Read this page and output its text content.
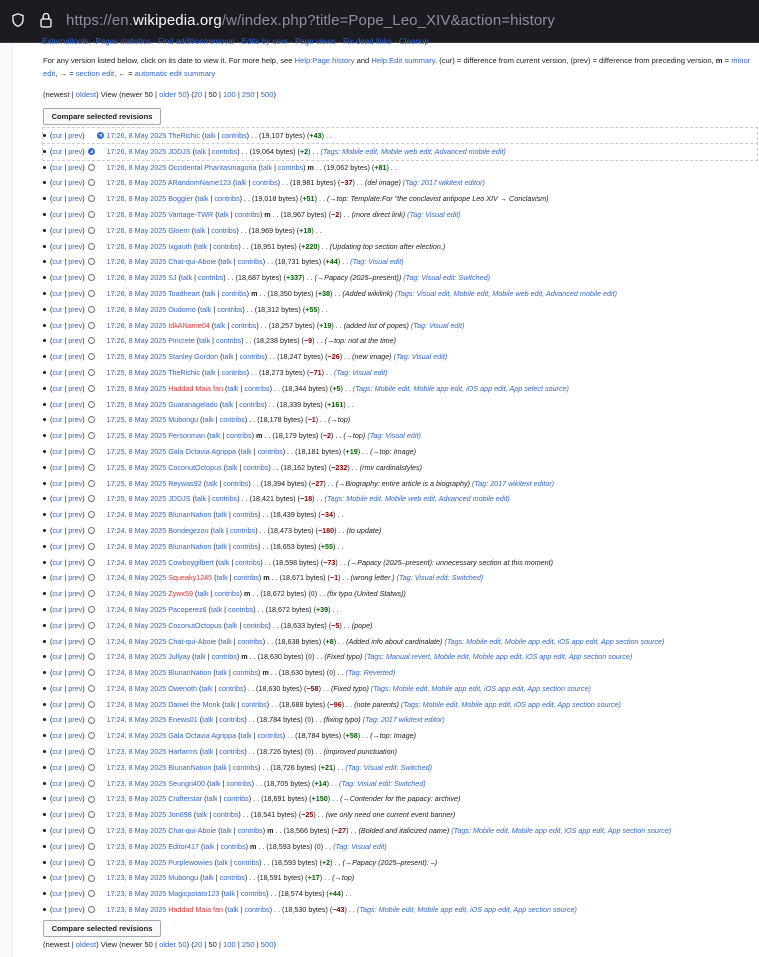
https://en.wikipedia.org/w/index.php?title=Pope_Leo_XIV&action=history
Externaltools: ·Pages statistics · Find addition/removal · Edits by user · Page views · Fix dead links · Cleanup
For any version listed below, click on its date to view it. For more help, see Help:Page history and Help:Edit summary. (cur) = difference from current version, (prev) = difference from preceding version, m = minor edit, → = section edit, ← = automatic edit summary
(newest | oldest) View (newer 50 | older 50) (20 | 50 | 100 | 250 | 500)
Compare selected revisions
(cur | prev)	17:26, 8 May 2025 TheRichic (talk | contribs) . . (19,107 bytes) (+43) . .
(cur | prev)	17:26, 8 May 2025 JDDJS (talk | contribs) . . (19,064 bytes) (+2) . . (Tags: Mobile edit, Mobile web edit, Advanced mobile edit)
(cur | prev)	17:26, 8 May 2025 Occidental Phantasmagoria (talk | contribs) m . . (19,062 bytes) (+81) . .
(cur | prev)	17:26, 8 May 2025 ARandomName123 (talk | contribs) . . (18,981 bytes) (−37) . . (del image) (Tag: 2017 wikitext editor)
(cur | prev)	17:26, 8 May 2025 Boggier (talk | contribs) . . (19,018 bytes) (+51) . . (→top: Template:For "the conclavist antipope Leo XIV → Conclavism)
(cur | prev)	17:26, 8 May 2025 Vantage-TWR (talk | contribs) m . . (18,967 bytes) (−2) . . (more direct link) (Tag: Visual edit)
(cur | prev)	17:26, 8 May 2025 Gloern (talk | contribs) . . (18,969 bytes) (+18) . .
(cur | prev)	17:26, 8 May 2025 Ixgauth (talk | contribs) . . (18,951 bytes) (+220) . . (Updating top section after election.)
(cur | prev)	17:26, 8 May 2025 Chat-qui-Aboie (talk | contribs) . . (18,731 bytes) (+44) . . (Tag: Visual edit)
(cur | prev)	17:26, 8 May 2025 SJ (talk | contribs) . . (18,687 bytes) (+337) . . (→Papacy (2025–present)) (Tag: Visual edit: Switched)
(cur | prev)	17:26, 8 May 2025 Toadheart (talk | contribs) m . . (18,350 bytes) (+38) . . (Added wikilink) (Tags: Visual edit, Mobile edit, Mobile web edit, Advanced mobile edit)
(cur | prev)	17:26, 8 May 2025 Oudomo (talk | contribs) . . (18,312 bytes) (+55) . .
(cur | prev)	17:26, 8 May 2025 IdkAName04 (talk | contribs) . . (18,257 bytes) (+19) . . (added list of popes) (Tag: Visual edit)
(cur | prev)	17:26, 8 May 2025 Pincrete (talk | contribs) . . (18,238 bytes) (−9) . . (→top: not at the time)
(cur | prev)	17:25, 8 May 2025 Stanley Gordon (talk | contribs) . . (18,247 bytes) (−26) . . (new image) (Tag: Visual edit)
(cur | prev)	17:25, 8 May 2025 TheRichic (talk | contribs) . . (18,273 bytes) (−71) . . (Tag: Visual edit)
(cur | prev)	17:25, 8 May 2025 Haddad Maia fan (talk | contribs) . . (18,344 bytes) (+5) . . (Tags: Mobile edit, Mobile app edit, iOS app edit, App select source)
(cur | prev)	17:25, 8 May 2025 Guaranagelado (talk | contribs) . . (18,339 bytes) (+161) . .
(cur | prev)	17:25, 8 May 2025 Mubongu (talk | contribs) . . (18,178 bytes) (−1) . . (→top)
(cur | prev)	17:25, 8 May 2025 Personman (talk | contribs) m . . (18,179 bytes) (−2) . . (→top) (Tag: Visual edit)
(cur | prev)	17:25, 8 May 2025 Gala Octavia Agrippa (talk | contribs) . . (18,181 bytes) (+19) . . (→top: Image)
(cur | prev)	17:25, 8 May 2025 CoconutOctopus (talk | contribs) . . (18,162 bytes) (−232) . . (rmv cardinalstyles)
(cur | prev)	17:25, 8 May 2025 Reywas92 (talk | contribs) . . (18,394 bytes) (−27) . . (→Biography: entire article is a biography) (Tag: 2017 wikitext editor)
(cur | prev)	17:25, 8 May 2025 JDDJS (talk | contribs) . . (18,421 bytes) (−18) . . (Tags: Mobile edit, Mobile web edit, Advanced mobile edit)
(cur | prev)	17:24, 8 May 2025 BlunanNation (talk | contribs) . . (18,439 bytes) (−34) . .
(cur | prev)	17:24, 8 May 2025 Bondegezou (talk | contribs) . . (18,473 bytes) (−180) . . (to update)
(cur | prev)	17:24, 8 May 2025 BlunanNation (talk | contribs) . . (18,653 bytes) (+55) . .
(cur | prev)	17:24, 8 May 2025 Cowboygilbert (talk | contribs) . . (18,598 bytes) (−73) . . (→Papacy (2025–present): unnecessary section at this moment)
(cur | prev)	17:24, 8 May 2025 Squeaky1245 (talk | contribs) m . . (18,671 bytes) (−1) . . (wrong letter.) (Tag: Visual edit: Switched)
(cur | prev)	17:24, 8 May 2025 Zywx59 (talk | contribs) m . . (18,672 bytes) (0) . . (fix typo (United Statws))
(cur | prev)	17:24, 8 May 2025 Pacoperez6 (talk | contribs) . . (18,672 bytes) (+39) . .
(cur | prev)	17:24, 8 May 2025 CoconutOctopus (talk | contribs) . . (18,633 bytes) (−5) . . (pope)
(cur | prev)	17:24, 8 May 2025 Chat-qui-Aboie (talk | contribs) . . (18,638 bytes) (+8) . . (Added info about cardinalate) (Tags: Mobile edit, Mobile app edit, iOS app edit, App section source)
(cur | prev)	17:24, 8 May 2025 Jullyay (talk | contribs) m . . (18,630 bytes) (0) . . (Fixed typo) (Tags: Manual revert, Mobile edit, Mobile app edit, iOS app edit, App section source)
(cur | prev)	17:24, 8 May 2025 BlunanNation (talk | contribs) m . . (18,630 bytes) (0) . . (Tag: Reverted)
(cur | prev)	17:24, 8 May 2025 Owenoth (talk | contribs) . . (18,630 bytes) (−58) . . (Fixed typo) (Tags: Mobile edit, Mobile app edit, iOS app edit, App section source)
(cur | prev)	17:24, 8 May 2025 Daniel the Monk (talk | contribs) . . (18,688 bytes) (−96) . . (note parents) (Tags: Mobile edit, Mobile app edit, iOS app edit, App section source)
(cur | prev)	17:24, 8 May 2025 Enews01 (talk | contribs) . . (18,784 bytes) (0) . . (fixing typo) (Tag: 2017 wikitext editor)
(cur | prev)	17:24, 8 May 2025 Gala Octavia Agrippa (talk | contribs) . . (18,784 bytes) (+58) . . (→top: Image)
(cur | prev)	17:23, 8 May 2025 Harfarms (talk | contribs) . . (18,726 bytes) (0) . . (improved punctuation)
(cur | prev)	17:23, 8 May 2025 BlunanNation (talk | contribs) . . (18,726 bytes) (+21) . . (Tag: Visual edit: Switched)
(cur | prev)	17:23, 8 May 2025 Seungri400 (talk | contribs) . . (18,705 bytes) (+14) . . (Tag: Visual edit: Switched)
(cur | prev)	17:23, 8 May 2025 Crafterstar (talk | contribs) . . (18,691 bytes) (+150) . . (→Contender for the papacy: archive)
(cur | prev)	17:23, 8 May 2025 Jon698 (talk | contribs) . . (18,541 bytes) (−25) . . (we only need one current event banner)
(cur | prev)	17:23, 8 May 2025 Chat-qui-Aboie (talk | contribs) m . . (18,566 bytes) (−27) . . (Bolded and italicized name) (Tags: Mobile edit, Mobile app edit, iOS app edit, App section source)
(cur | prev)	17:23, 8 May 2025 Editor417 (talk | contribs) m . . (18,593 bytes) (0) . . (Tag: Visual edit)
(cur | prev)	17:23, 8 May 2025 Purplewowies (talk | contribs) . . (18,593 bytes) (+2) . . (→Papacy (2025–present): –)
(cur | prev)	17:23, 8 May 2025 Mubongu (talk | contribs) . . (18,591 bytes) (+17) . . (→top)
(cur | prev)	17:23, 8 May 2025 Magicpotato123 (talk | contribs) . . (18,574 bytes) (+44) . .
(cur | prev)	17:23, 8 May 2025 Haddad Maia fan (talk | contribs) . . (18,530 bytes) (−43) . . (Tags: Mobile edit, Mobile app edit, iOS app edit, App section source)
Compare selected revisions
(newest | oldest) View (newer 50 | older 50) (20 | 50 | 100 | 250 | 500)
